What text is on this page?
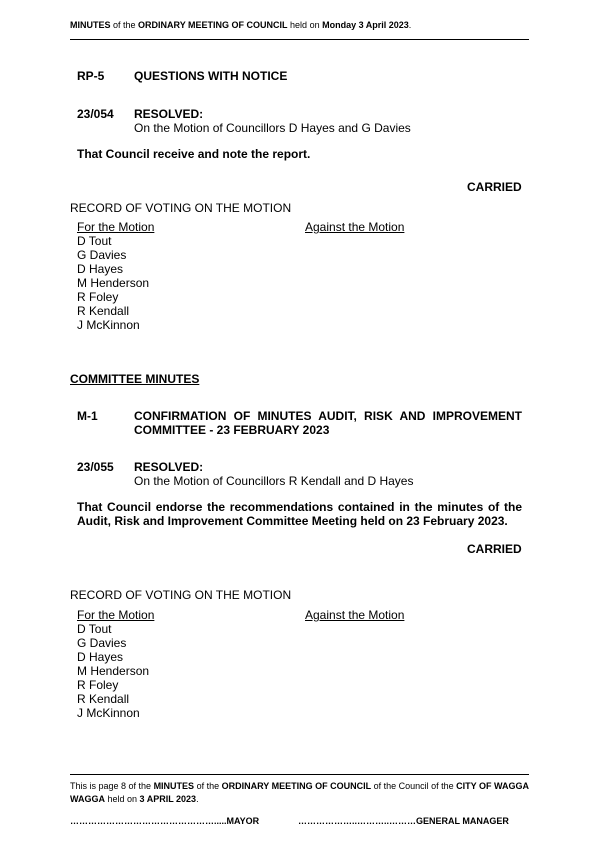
MINUTES of the ORDINARY MEETING OF COUNCIL held on Monday 3 April 2023.
RP-5 QUESTIONS WITH NOTICE
23/054 RESOLVED:
On the Motion of Councillors D Hayes and G Davies
That Council receive and note the report.
CARRIED
RECORD OF VOTING ON THE MOTION
For the Motion	Against the Motion
D Tout
G Davies
D Hayes
M Henderson
R Foley
R Kendall
J McKinnon
COMMITTEE MINUTES
M-1	CONFIRMATION OF MINUTES AUDIT, RISK AND IMPROVEMENT COMMITTEE - 23 FEBRUARY 2023
23/055 RESOLVED:
On the Motion of Councillors R Kendall and D Hayes
That Council endorse the recommendations contained in the minutes of the Audit, Risk and Improvement Committee Meeting held on 23 February 2023.
CARRIED
RECORD OF VOTING ON THE MOTION
For the Motion	Against the Motion
D Tout
G Davies
D Hayes
M Henderson
R Foley
R Kendall
J McKinnon
This is page 8 of the MINUTES of the ORDINARY MEETING OF COUNCIL of the Council of the CITY OF WAGGA WAGGA held on 3 APRIL 2023.
………………………………………….....MAYOR	………………..………..………GENERAL MANAGER
